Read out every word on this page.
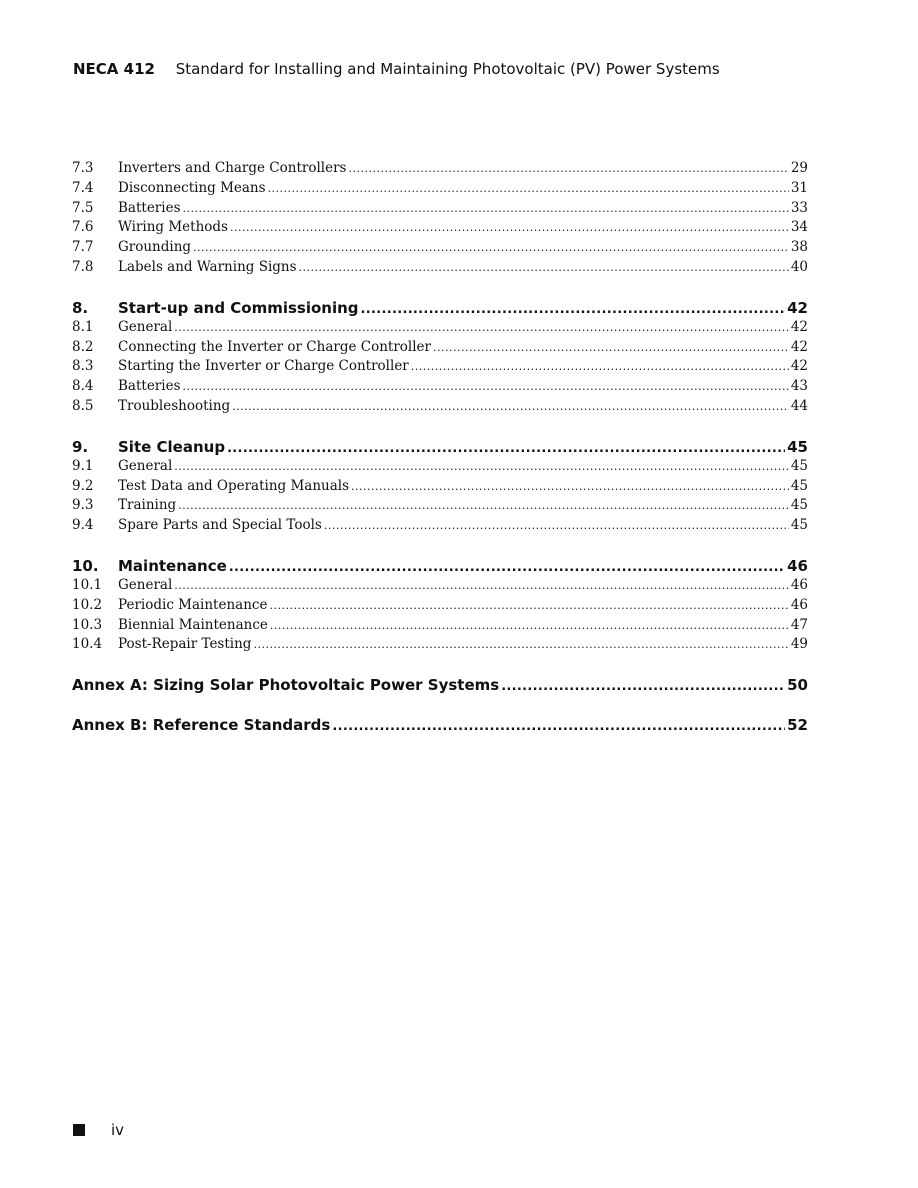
NECA 412 Standard for Installing and Maintaining Photovoltaic (PV) Power Systems
7.3	Inverters and Charge Controllers .....	29
7.4	Disconnecting Means .....	31
7.5	Batteries .....	33
7.6	Wiring Methods .....	34
7.7	Grounding .....	38
7.8	Labels and Warning Signs .....	40
8.	Start-up and Commissioning .....	42
8.1	General .....	42
8.2	Connecting the Inverter or Charge Controller .....	42
8.3	Starting the Inverter or Charge Controller .....	42
8.4	Batteries .....	43
8.5	Troubleshooting .....	44
9.	Site Cleanup .....	45
9.1	General .....	45
9.2	Test Data and Operating Manuals .....	45
9.3	Training .....	45
9.4	Spare Parts and Special Tools .....	45
10.	Maintenance .....	46
10.1	General .....	46
10.2	Periodic Maintenance .....	46
10.3	Biennial Maintenance .....	47
10.4	Post-Repair Testing .....	49
Annex A: Sizing Solar Photovoltaic Power Systems .....	50
Annex B: Reference Standards .....	52
iv
